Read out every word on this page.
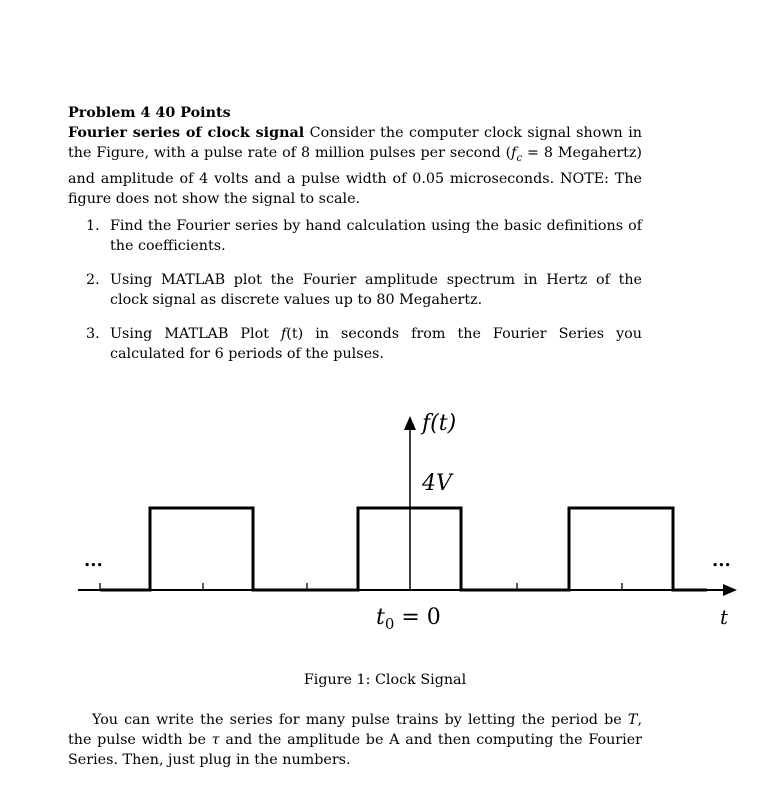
Problem 4 40 Points
Fourier series of clock signal Consider the computer clock signal shown in the Figure, with a pulse rate of 8 million pulses per second ($f_c = 8$ Megahertz) and amplitude of 4 volts and a pulse width of 0.05 microseconds. NOTE: The figure does not show the signal to scale.
1. Find the Fourier series by hand calculation using the basic definitions of the coefficients.
2. Using MATLAB plot the Fourier amplitude spectrum in Hertz of the clock signal as discrete values up to 80 Megahertz.
3. Using MATLAB Plot f(t) in seconds from the Fourier Series you calculated for 6 periods of the pulses.
f(t)
4V
...	...
$t_0 = 0$	t
Figure 1: Clock Signal
You can write the series for many pulse trains by letting the period be T, the pulse width be τ and the amplitude be A and then computing the Fourier Series. Then, just plug in the numbers.
